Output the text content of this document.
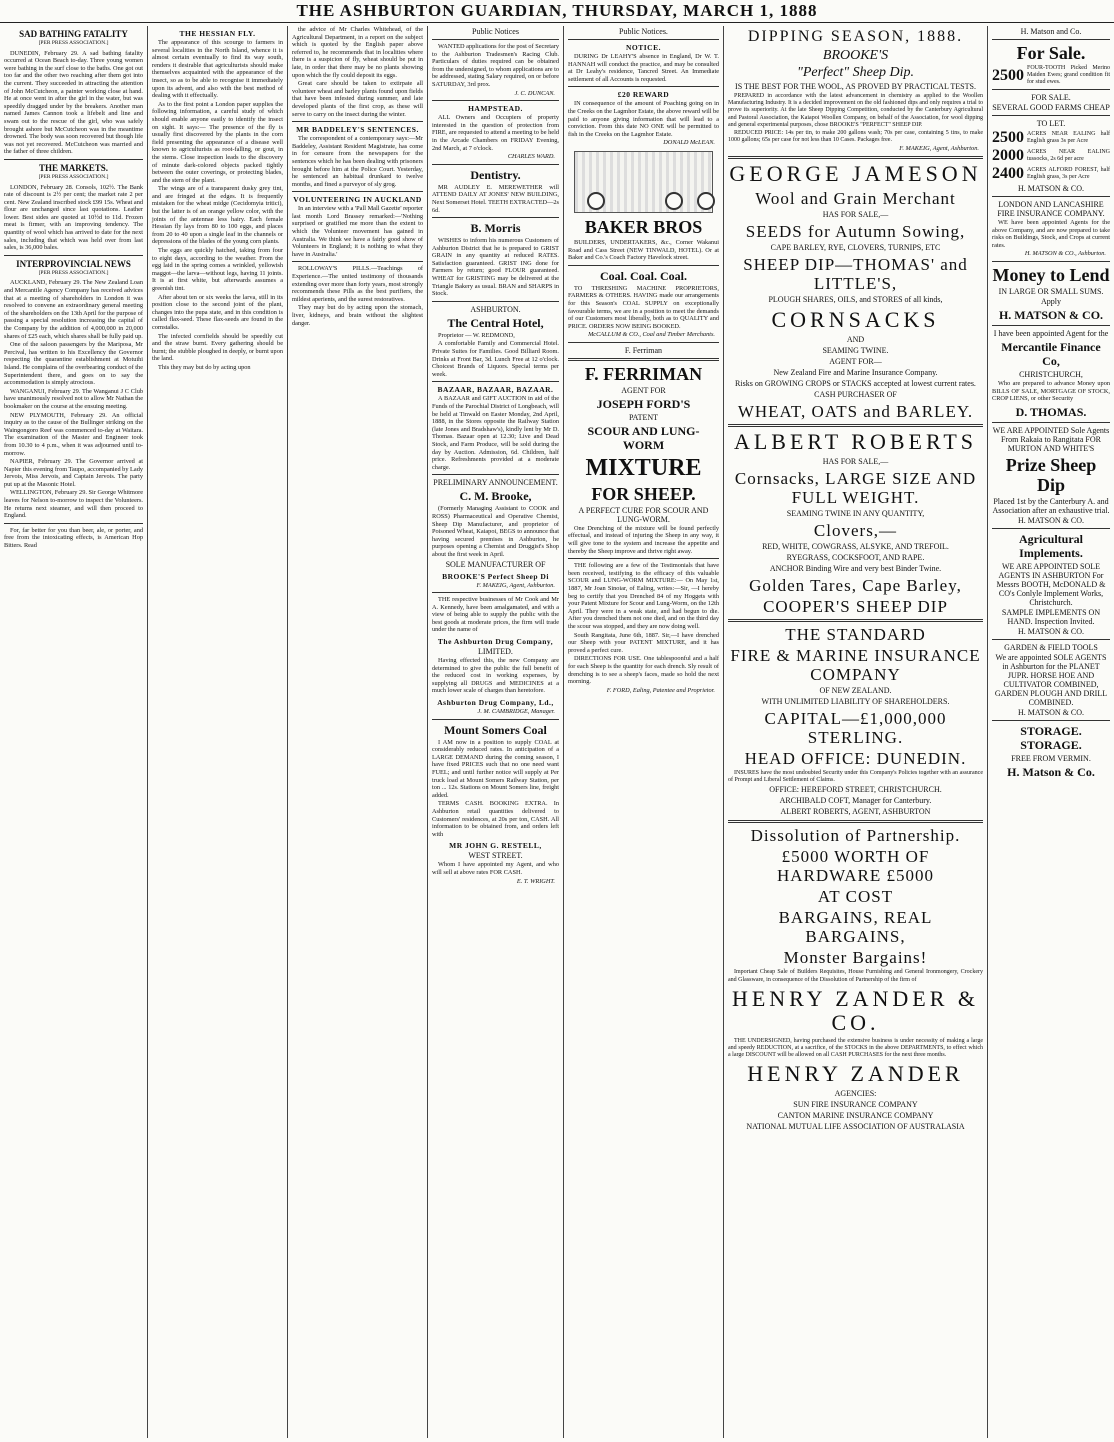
THE ASHBURTON GUARDIAN, THURSDAY, MARCH 1, 1888
SAD BATHING FATALITY
[PER PRESS ASSOCIATION.]

DUNEDIN, February 29. A sad bathing fatality occurred at Ocean Beach to-day. Three young women were bathing in the surf close to the baths. One got out too far and the other two reaching after them got into the current. They succeeded in attracting the attention of John McCutcheon, a painter working close at hand. He at once went in after the girl in the water, but was speedily dragged under by the breakers. Another man named James Cannon took a lifebelt and line and swam out to the rescue of the girl, who was safely brought ashore but McCutcheon was in the meantime drowned. The body was soon recovered but though life was not yet recovered. McCutcheon was married and the father of three children.

THE MARKETS.
[PER PRESS ASSOCIATION.]

LONDON, February 28. Consols, 102½. The Bank rate of discount is 2½ per cent; the market rate 2 per cent. New Zealand inscribed stock £99 15s. Wheat and flour are unchanged since last quotations. Leather lower. Best sides are quoted at 10½d to 11d. Frozen meat is firmer, with an improving tendency. The quantity of wool which has arrived to date for the next sales, including that which was held over from last sales, is 36,000 bales.

INTERPROVINCIAL NEWS
[PER PRESS ASSOCIATION.]

AUCKLAND, February 29. The New Zealand Loan and Mercantile Agency Company has received advices that at a meeting of shareholders in London it was resolved to convene an extraordinary general meeting of the shareholders on the 13th April for the purpose of passing a special resolution increasing the capital of the Company by the addition of 4,000,000 in 20,000 shares of £25 each, which shares shall be fully paid up.

One of the saloon passengers by the Mariposa, Mr Percival, has written to his Excellency the Governor respecting the quarantine establishment at Motuihi Island. He complains of the overbearing conduct of the Superintendent there, and goes on to say the accommodation is simply atrocious.

WANGANUI, February 29. The Wanganui J C Club have unanimously resolved not to allow Mr Nathan the bookmaker on the course at the ensuing meeting.

NEW PLYMOUTH, February 29. An official inquiry as to the cause of the Bullinger striking on the Waingongoro Reef was commenced to-day at Waitara. The examination of the Master and Engineer took from 10.30 to 4 p.m., when it was adjourned until to-morrow.

NAPIER, February 29. The Governor arrived at Napier this evening from Taupo, accompanied by Lady Jervois, Miss Jervois, and Captain Jervois. The party put up at the Masonic Hotel.

WELLINGTON, February 29. Sir George Whitmore leaves for Nelson to-morrow to inspect the Volunteers. He returns next steamer, and will then proceed to England.

For, far better for you than beer, ale, or porter, and free from the intoxicating effects, is American Hop Bitters. Read

THE HESSIAN FLY.

The appearance of this scourge to farmers in several localities in the North Island, whence it is almost certain eventually to find its way south, renders it desirable that agriculturists should make themselves acquainted with the appearance of the insect, so as to be able to recognise it immediately upon its advent, and also with the best method of dealing with it effectually.

As to the first point a London paper supplies the following information, a careful study of which should enable anyone easily to identify the insect on sight. It says:— The presence of the fly is usually first discovered by the plants in the corn field presenting the appearance of a disease well known to agriculturists as root-falling, or gout, in the stems. Close inspection leads to the discovery of minute dark-colored objects packed tightly between the outer coverings, or protecting blades, and the stem of the plant.

The wings are of a transparent dusky grey tint, and are fringed at the edges. It is frequently mistaken for the wheat midge (Cecidomyia tritici), but the latter is of an orange yellow color, with the joints of the antennae less hairy. Each female Hessian fly lays from 80 to 100 eggs, and places from 20 to 40 upon a single leaf in the channels or depressions of the blades of the young corn plants.

The eggs are quickly hatched, taking from four to eight days, according to the weather. From the egg laid in the spring comes a wrinkled, yellowish maggot—the larva—without legs, having 11 joints. It is at first white, but afterwards assumes a greenish tint.

After about ten or six weeks the larva, still in its position close to the second joint of the plant, changes into the pupa state, and in this condition is called flax-seed. These flax-seeds are found in the cornstalks.

The infected cornfields should be speedily cut and the straw burnt. Every gathering should be burnt; the stubble ploughed in deeply, or burnt upon the land.

This they may but do by acting upon

the advice of Mr Charles Whitehead, of the Agricultural Department, in a report on the subject which is quoted by the English paper above referred to, he recommends that in localities where there is a suspicion of fly, wheat should be put in late, in order that there may be no plants showing upon which the fly could deposit its eggs.

Great care should be taken to extirpate all volunteer wheat and barley plants found upon fields that have been infested during summer, and late developed plants of the first crop, as these will serve to carry on the insect during the winter.

MR BADDELEY'S SENTENCES.

The correspondent of a contemporary says:—Mr Baddeley, Assistant Resident Magistrate, has come in for censure from the newspapers for the sentences which he has been dealing with prisoners brought before him at the Police Court. Yesterday, he sentenced an habitual drunkard to twelve months, and fined a purveyor of sly grog.

VOLUNTEERING IN AUCKLAND

In an interview with a 'Pall Mall Gazette' reporter last month Lord Brassey remarked:—'Nothing surprised or gratified me more than the extent to which the Volunteer movement has gained in Australia. We think we have a fairly good show of Volunteers in England; it is nothing to what they have in Australia.'

ROLLOWAY'S PILLS.—Teachings of Experience.—The united testimony of thousands extending over more than forty years, most strongly recommends these Pills as the best purifiers, the mildest aperients, and the surest restoratives.

They may but do by acting upon the stomach, liver, kidneys, and brain without the slightest danger.

Public Notices

WANTED applications for the post of Secretary to the Ashburton Tradesmen's Racing Club. Particulars of duties required can be obtained from the undersigned, to whom applications are to be addressed, stating Salary required, on or before SATURDAY, 3rd prox.

J. C. DUNCAN.
HAMPSTEAD.

ALL Owners and Occupiers of property interested in the question of protection from FIRE, are requested to attend a meeting to be held in the Arcade Chambers on FRIDAY Evening, 2nd March, at 7 o'clock.

CHARLES WARD.
Dentistry.

MR AUDLEY E. MEREWETHER will ATTEND DAILY AT JONES' NEW BUILDING, Next Somerset Hotel. TEETH EXTRACTED—2s 6d.

B. Morris

WISHES to inform his numerous Customers of Ashburton District that he is prepared to GRIST GRAIN in any quantity at reduced RATES. Satisfaction guaranteed. GRIST ING done for Farmers by return; good FLOUR guaranteed. WHEAT for GRISTING may be delivered at the Triangle Bakery as usual. BRAN and SHARPS in Stock.

ASHBURTON.
The Central Hotel,

Proprietor — W. REDMOND,

A comfortable Family and Commercial Hotel. Private Suites for Families. Good Billiard Room. Drinks at Front Bar, 3d. Lunch Free at 12 o'clock. Choicest Brands of Liquors. Special terms per week.

BAZAAR, BAZAAR, BAZAAR.

A BAZAAR and GIFT AUCTION in aid of the Funds of the Parochial District of Longbeach, will be held at Tinwald on Easter Monday, 2nd April, 1888, in the Stores opposite the Railway Station (late Jones and Bradshaw's), kindly lent by Mr D. Thomas. Bazaar open at 12.30; Live and Dead Stock, and Farm Produce, will be sold during the day by Auction. Admission, 6d. Children, half price. Refreshments provided at a moderate charge.

PRELIMINARY ANNOUNCEMENT.
C. M. Brooke,

(Formerly Managing Assistant to COOK and ROSS) Pharmaceutical and Operative Chemist, Sheep Dip Manufacturer, and proprietor of Poisoned Wheat, Kaiapoi, BEGS to announce that having secured premises in Ashburton, he purposes opening a Chemist and Druggist's Shop about the first week in April.

SOLE MANUFACTURER OF
BROOKE'S Perfect Sheep Di
F. MAKEIG, Agent, Ashburton.

THE respective businesses of Mr Cook and Mr A. Kennedy, have been amalgamated, and with a view of being able to supply the public with the best goods at moderate prices, the firm will trade under the name of

The Ashburton Drug Company,
LIMITED.

Having effected this, the new Company are determined to give the public the full benefit of the reduced cost in working expenses, by supplying all DRUGS and MEDICINES at a much lower scale of charges than heretofore.

Ashburton Drug Company, Ld.,
J. M. CAMBRIDGE, Manager.
Mount Somers Coal

I AM now in a position to supply COAL at considerably reduced rates. In anticipation of a LARGE DEMAND during the coming season, I have fixed PRICES such that no one need want FUEL; and until further notice will supply at Per truck load at Mount Somers Railway Station, per ton ... 12s. Stations on Mount Somers line, freight added.

TERMS CASH. BOOKING EXTRA. In Ashburton retail quantities delivered to Customers' residences, at 20s per ton, CASH. All information to be obtained from, and orders left with

MR JOHN G. RESTELL,
WEST STREET.

Whom I have appointed my Agent, and who will sell at above rates FOR CASH.

E. T. WRIGHT.
Public Notices.
NOTICE.

DURING Dr LEAHY'S absence in England, Dr W. T. HANNAH will conduct the practice, and may be consulted at Dr Leahy's residence, Tancred Street. An Immediate settlement of all Accounts is requested.

£20 REWARD

IN consequence of the amount of Poaching going on in the Creeks on the Lagmhor Estate, the above reward will be paid to anyone giving information that will lead to a conviction. From this date NO ONE will be permitted to fish in the Creeks on the Lagmhor Estate.

DONALD McLEAN.
BAKER BROS

BUILDERS, UNDERTAKERS, &c., Corner Wakanui Road and Cass Street (NEW TINWALD, HOTEL). Or at Baker and Co.'s Coach Factory Havelock street.

Coal. Coal. Coal.

TO THRESHING MACHINE PROPRIETORS, FARMERS & OTHERS. HAVING made our arrangements for this Season's COAL SUPPLY on exceptionally favourable terms, we are in a position to meet the demands of our Customers most liberally, both as to QUALITY and PRICE. ORDERS NOW BEING BOOKED.

McCALLUM & CO., Coal and Timber Merchants.
F. Ferriman
F. FERRIMAN
AGENT FOR
JOSEPH FORD'S
PATENT
SCOUR AND LUNG-WORM
MIXTURE
FOR SHEEP.
A PERFECT CURE FOR SCOUR AND LUNG-WORM.

One Drenching of the mixture will be found perfectly effectual, and instead of injuring the Sheep in any way, it will give tone to the system and increase the appetite and thereby the Sheep improve and thrive right away.

THE following are a few of the Testimonials that have been received, testifying to the efficacy of this valuable SCOUR and LUNG-WORM MIXTURE:— On May 1st, 1887, Mr Joan Sinoiar, of Ealing, writes:—Sir, —I hereby beg to certify that you Drenched 84 of my Hoggets with your Patent Mixture for Scour and Lung-Worm, on the 12th April. They were in a weak state, and had begun to die. After you drenched them not one died, and on the third day the scour was stopped, and they are now doing well.

South Rangitata, June 6th, 1887. Sir,—I have drenched our Sheep with your PATENT MIXTURE, and it has proved a perfect cure.

DIRECTIONS FOR USE. One tablespoonful and a half for each Sheep is the quantity for each drench. Sly result of drenching is to see a sheep's faces, made so hold the next morning.

F. FORD, Ealing, Patentee and Proprietor.
DIPPING SEASON, 1888.
BROOKE'S
"Perfect" Sheep Dip.
IS THE BEST FOR THE WOOL, AS PROVED BY PRACTICAL TESTS.

PREPARED in accordance with the latest advancement in chemistry as applied to the Woollen Manufacturing Industry. It is a decided improvement on the old fashioned dips and only requires a trial to prove its superiority. At the late Sheep Dipping Competition, conducted by the Canterbury Agricultural and Pastoral Association, the Kaiapoi Woollen Company, on behalf of the Association, for wool dipping and general experimental purposes, chose BROOKE'S "PERFECT" SHEEP DIP.

REDUCED PRICE: 14s per tin, to make 200 gallons wash; 70s per case, containing 5 tins, to make 1000 gallons; 65s per case for not less than 10 Cases. Packages free.

F. MAKEIG, Agent, Ashburton.
GEORGE JAMESON
Wool and Grain Merchant
HAS FOR SALE,—
SEEDS for Autumn Sowing,
CAPE BARLEY, RYE, CLOVERS, TURNIPS, ETC
SHEEP DIP—THOMAS' and LITTLE'S,
PLOUGH SHARES, OILS, and STORES of all kinds,
CORNSACKS
AND
SEAMING TWINE.
AGENT FOR—
New Zealand Fire and Marine Insurance Company.
Risks on GROWING CROPS or STACKS accepted at lowest current rates.
CASH PURCHASER OF
WHEAT, OATS and BARLEY.
ALBERT ROBERTS
HAS FOR SALE,—
Cornsacks, LARGE SIZE AND FULL WEIGHT.
SEAMING TWINE IN ANY QUANTITY,
Clovers,—
RED, WHITE, COWGRASS, ALSYKE, AND TREFOIL.
RYEGRASS, COCKSFOOT, AND RAPE.
ANCHOR Binding Wire and very best Binder Twine.
Golden Tares, Cape Barley,
COOPER'S SHEEP DIP
THE STANDARD
FIRE & MARINE INSURANCE COMPANY
OF NEW ZEALAND.
WITH UNLIMITED LIABILITY OF SHAREHOLDERS.
CAPITAL—£1,000,000 STERLING.
HEAD OFFICE: DUNEDIN.

INSURES have the most undoubted Security under this Company's Policies together with an assurance of Prompt and Liberal Settlement of Claims.

OFFICE: HEREFORD STREET, CHRISTCHURCH.
ARCHIBALD COFT, Manager for Canterbury.
ALBERT ROBERTS, AGENT, ASHBURTON
Dissolution of Partnership.
£5000 WORTH OF HARDWARE £5000
AT COST
BARGAINS, REAL BARGAINS,
Monster Bargains!

Important Cheap Sale of Builders Requisites, House Furnishing and General Ironmongery, Crockery and Glassware, in consequence of the Dissolution of Partnership of the firm of

HENRY ZANDER & CO.

THE UNDERSIGNED, having purchased the extensive business is under necessity of making a large and speedy REDUCTION, at a sacrifice, of the STOCKS in the above DEPARTMENTS, to effect which a large DISCOUNT will be allowed on all CASH PURCHASES for the next three months.

HENRY ZANDER
AGENCIES:
SUN FIRE INSURANCE COMPANY
CANTON MARINE INSURANCE COMPANY
NATIONAL MUTUAL LIFE ASSOCIATION OF AUSTRALASIA
H. Matson and Co.
For Sale.
2500 FOUR-TOOTH Picked Merino Maiden Ewes; grand condition fit for stud ewes.
FOR SALE.
SEVERAL GOOD FARMS CHEAP
TO LET.
2500 ACRES NEAR EALING half English grass 3s per Acre
2000 ACRES NEAR EALING tussocks, 2s 6d per acre
2400 ACRES ALFORD FOREST, half English grass, 3s per Acre
H. MATSON & CO.
LONDON AND LANCASHIRE FIRE INSURANCE COMPANY.

WE have been appointed Agents for the above Company, and are now prepared to take risks on Buildings, Stock, and Crops at current rates.

H. MATSON & CO., Ashburton.
Money to Lend
IN LARGE OR SMALL SUMS.
Apply
H. MATSON & CO.
I have been appointed Agent for the
Mercantile Finance Co,
CHRISTCHURCH,

Who are prepared to advance Money upon BILLS OF SALE, MORTGAGE OF STOCK, CROP LIENS, or other Security

D. THOMAS.
WE ARE APPOINTED Sole Agents From Rakaia to Rangitata FOR MURTON AND WHITE'S
Prize Sheep Dip
Placed 1st by the Canterbury A. and Association after an exhaustive trial.
H. MATSON & CO.
Agricultural Implements.
WE ARE APPOINTED SOLE AGENTS IN ASHBURTON For Messrs BOOTH, McDONALD & CO's Conlyle Implement Works, Christchurch.
SAMPLE IMPLEMENTS ON HAND. Inspection Invited.
H. MATSON & CO.
GARDEN & FIELD TOOLS
We are appointed SOLE AGENTS in Ashburton for the PLANET JUPR. HORSE HOE AND CULTIVATOR COMBINED, GARDEN PLOUGH AND DRILL COMBINED.
H. MATSON & CO.
STORAGE. STORAGE.
FREE FROM VERMIN.
H. Matson & Co.
